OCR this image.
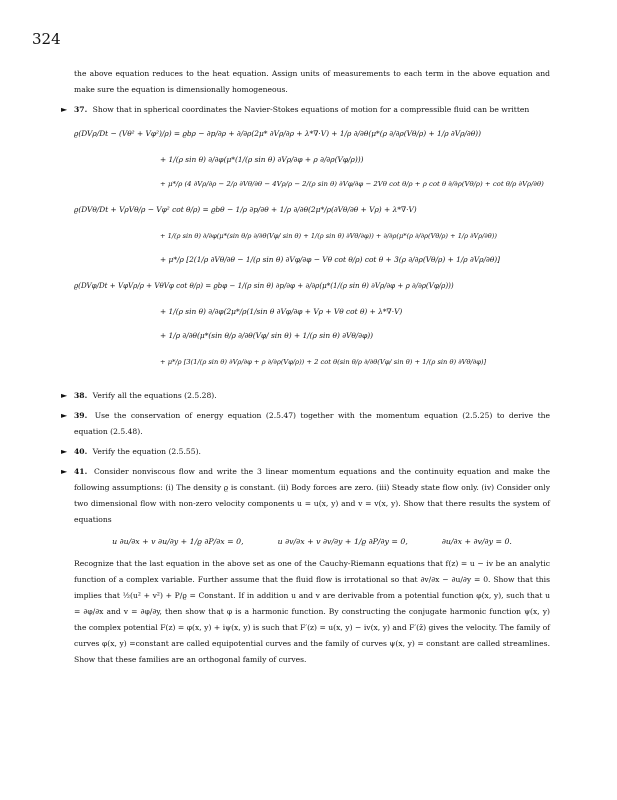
324

the above equation reduces to the heat equation. Assign units of measurements to each term in the above equation and make sure the equation is dimensionally homogeneous.

► 37. Show that in spherical coordinates the Navier-Stokes equations of motion for a compressible fluid can be written
ϱ(DVρ/Dt − (Vθ² + Vφ²)/ρ) = ϱbρ − ∂p/∂ρ + ∂/∂ρ(2μ* ∂Vρ/∂ρ + λ*∇·V) + 1/ρ ∂/∂θ(μ*(ρ ∂/∂ρ(Vθ/ρ) + 1/ρ ∂Vρ/∂θ))
+ 1/(ρ sin θ) ∂/∂φ(μ*(1/(ρ sin θ) ∂Vρ/∂φ + ρ ∂/∂ρ(Vφ/ρ)))
+ μ*/ρ (4 ∂Vρ/∂ρ − 2/ρ ∂Vθ/∂θ − 4Vρ/ρ − 2/(ρ sin θ) ∂Vφ/∂φ − 2Vθ cot θ/ρ + ρ cot θ ∂/∂ρ(Vθ/ρ) + cot θ/ρ ∂Vρ/∂θ)
ϱ(DVθ/Dt + VρVθ/ρ − Vφ² cot θ/ρ) = ϱbθ − 1/ρ ∂p/∂θ + 1/ρ ∂/∂θ(2μ*/ρ(∂Vθ/∂θ + Vρ) + λ*∇·V)
+ 1/(ρ sin θ) ∂/∂φ(μ*(sin θ/ρ ∂/∂θ(Vφ/ sin θ) + 1/(ρ sin θ) ∂Vθ/∂φ)) + ∂/∂ρ(μ*(ρ ∂/∂ρ(Vθ/ρ) + 1/ρ ∂Vρ/∂θ))
+ μ*/ρ [2(1/ρ ∂Vθ/∂θ − 1/(ρ sin θ) ∂Vφ/∂φ − Vθ cot θ/ρ) cot θ + 3(ρ ∂/∂ρ(Vθ/ρ) + 1/ρ ∂Vρ/∂θ)]
ϱ(DVφ/Dt + VφVρ/ρ + VθVφ cot θ/ρ) = ϱbφ − 1/(ρ sin θ) ∂p/∂φ + ∂/∂ρ(μ*(1/(ρ sin θ) ∂Vρ/∂φ + ρ ∂/∂ρ(Vφ/ρ)))
+ 1/(ρ sin θ) ∂/∂φ(2μ*/ρ(1/sin θ ∂Vφ/∂φ + Vρ + Vθ cot θ) + λ*∇·V)
+ 1/ρ ∂/∂θ(μ*(sin θ/ρ ∂/∂θ(Vφ/ sin θ) + 1/(ρ sin θ) ∂Vθ/∂φ))
+ μ*/ρ [3(1/(ρ sin θ) ∂Vρ/∂φ + ρ ∂/∂ρ(Vφ/ρ)) + 2 cot θ(sin θ/ρ ∂/∂θ(Vφ/ sin θ) + 1/(ρ sin θ) ∂Vθ/∂φ)]
► 38. Verify all the equations (2.5.28).
► 39. Use the conservation of energy equation (2.5.47) together with the momentum equation (2.5.25) to derive the equation (2.5.48).
► 40. Verify the equation (2.5.55).
► 41. Consider nonviscous flow and write the 3 linear momentum equations and the continuity equation and make the following assumptions: (i) The density ϱ is constant. (ii) Body forces are zero. (iii) Steady state flow only. (iv) Consider only two dimensional flow with non-zero velocity components u = u(x, y) and v = v(x, y). Show that there results the system of equations
u ∂u/∂x + v ∂u/∂y + 1/ϱ ∂P/∂x = 0,	u ∂v/∂x + v ∂v/∂y + 1/ϱ ∂P/∂y = 0,	∂u/∂x + ∂v/∂y = 0.

Recognize that the last equation in the above set as one of the Cauchy-Riemann equations that f(z) = u − iv be an analytic function of a complex variable. Further assume that the fluid flow is irrotational so that ∂v/∂x − ∂u/∂y = 0. Show that this implies that ½(u² + v²) + P/ϱ = Constant. If in addition u and v are derivable from a potential function φ(x, y), such that u = ∂φ/∂x and v = ∂φ/∂y, then show that φ is a harmonic function. By constructing the conjugate harmonic function ψ(x, y) the complex potential F(z) = φ(x, y) + iψ(x, y) is such that F′(z) = u(x, y) − iv(x, y) and F′(z̄) gives the velocity. The family of curves φ(x, y) =constant are called equipotential curves and the family of curves ψ(x, y) = constant are called streamlines. Show that these families are an orthogonal family of curves.
